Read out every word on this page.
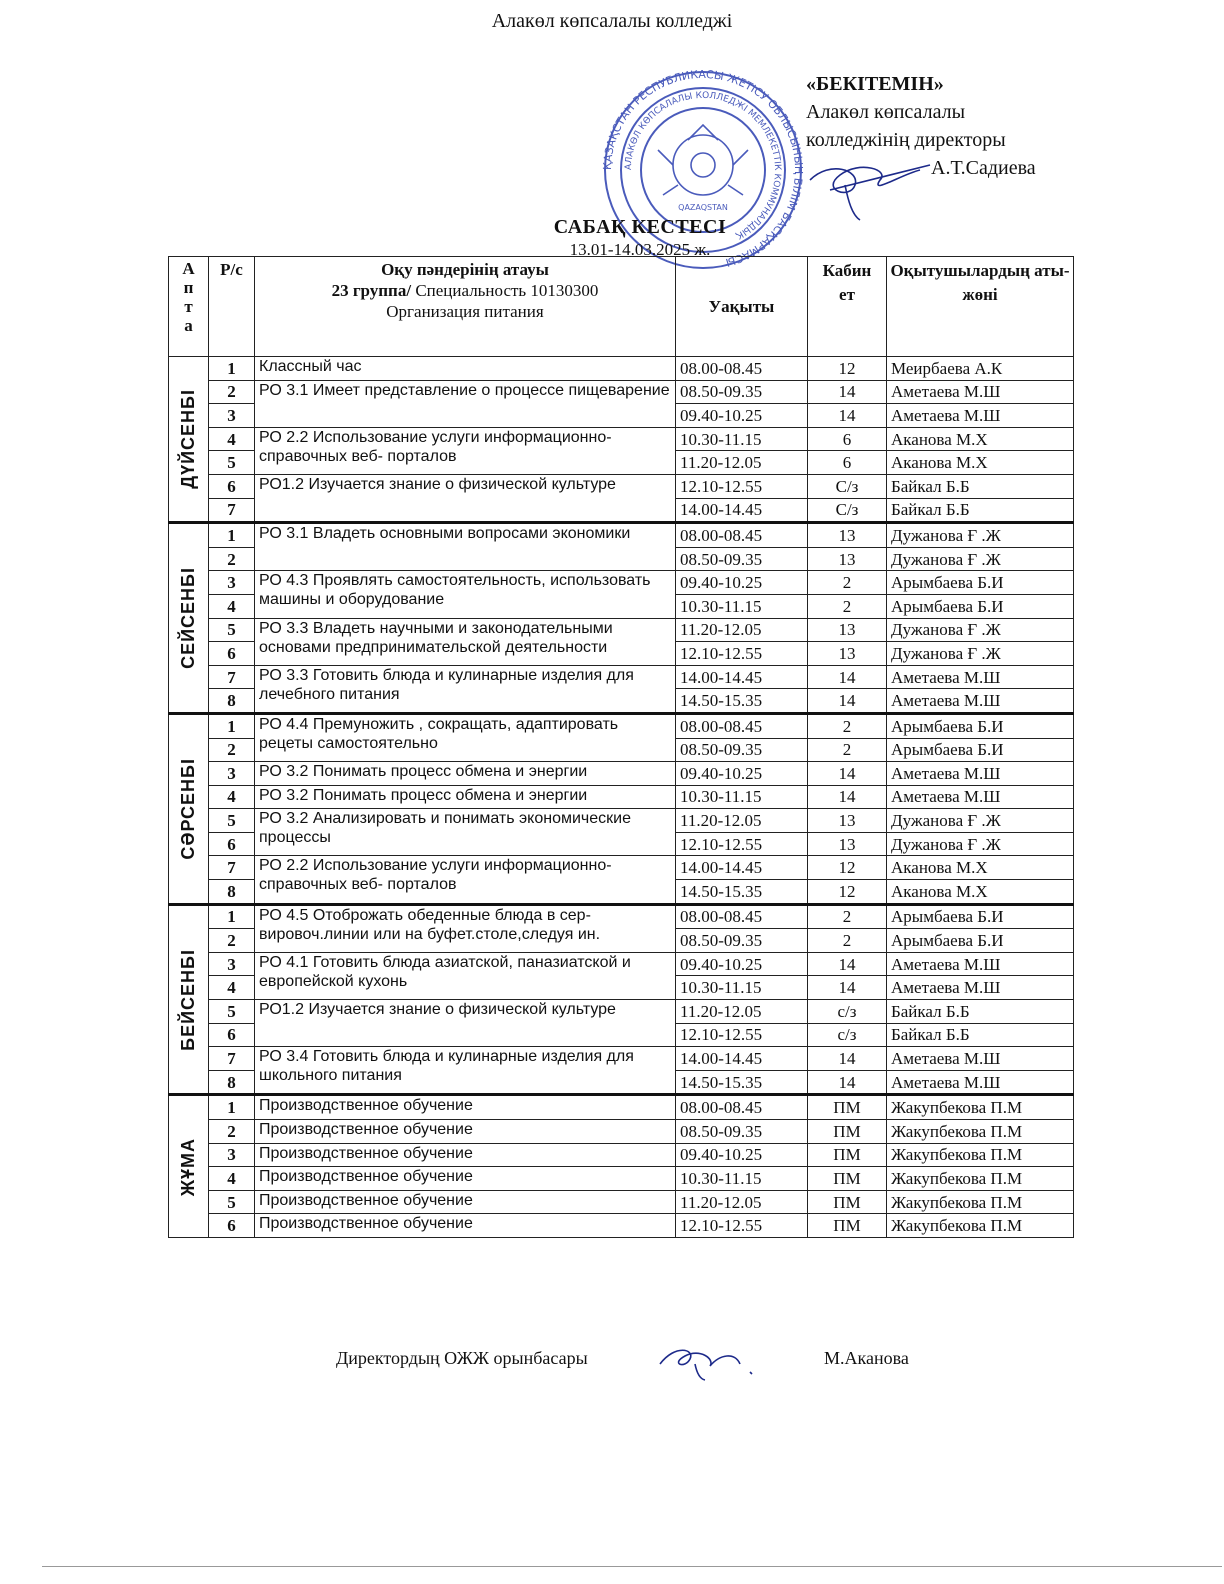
Алакөл көпсалалы колледжі
«БЕКІТЕМІН»
Алакөл көпсалалы
колледжінің директоры
А.Т.Садиева
ҚАЗАҚСТАН РЕСПУБЛИКАСЫ ЖЕТІСУ ОБЛЫСЫНЫҢ БІЛІМ БАСҚАРМАСЫ
АЛАКӨЛ КӨПСАЛАЛЫ КОЛЛЕДЖІ МЕМЛЕКЕТТІК КОММУНАЛДЫҚ
QAZAQSTAN
САБАҚ КЕСТЕСІ
13.01-14.03.2025 ж.
Апта	Р/с	Оқу пәндерінің атауы
23 группа/ Специальность 10130300
Организация питания	Уақыты	Кабинет	Оқытушылардың аты-жөні

ДҮЙСЕНБІ	1	Классный час	08.00-08.45	12	Меирбаева А.К
	2	РО 3.1 Имеет представление о процессе пищеварение	08.50-09.35	14	Аметаева М.Ш
	3		09.40-10.25	14	Аметаева М.Ш
	4	РО 2.2 Использование услуги информационно-справочных веб- порталов	10.30-11.15	6	Аканова М.Х
	5		11.20-12.05	6	Аканова М.Х
	6	РО1.2 Изучается знание о физической культуре	12.10-12.55	С/з	Байкал Б.Б
	7		14.00-14.45	С/з	Байкал Б.Б

СЕЙСЕНБІ	1	РО 3.1 Владеть основными вопросами экономики	08.00-08.45	13	Дужанова Ғ .Ж
	2		08.50-09.35	13	Дужанова Ғ .Ж
	3	РО 4.3 Проявлять самостоятельность, использовать машины и оборудование	09.40-10.25	2	Арымбаева Б.И
	4		10.30-11.15	2	Арымбаева Б.И
	5	РО 3.3 Владеть научными и законодательными основами предпринимательской деятельности	11.20-12.05	13	Дужанова Ғ .Ж
	6		12.10-12.55	13	Дужанова Ғ .Ж
	7	РО 3.3 Готовить блюда и кулинарные изделия для лечебного питания	14.00-14.45	14	Аметаева М.Ш
	8		14.50-15.35	14	Аметаева М.Ш

СӘРСЕНБІ	1	РО 4.4 Премуножить , сокращать, адаптировать рецеты самостоятельно	08.00-08.45	2	Арымбаева Б.И
	2		08.50-09.35	2	Арымбаева Б.И
	3	РО 3.2 Понимать процесс обмена и энергии	09.40-10.25	14	Аметаева М.Ш
	4	РО 3.2 Понимать процесс обмена и энергии	10.30-11.15	14	Аметаева М.Ш
	5	РО 3.2 Анализировать и понимать экономические процессы	11.20-12.05	13	Дужанова Ғ .Ж
	6		12.10-12.55	13	Дужанова Ғ .Ж
	7	РО 2.2 Использование услуги информационно-справочных веб- порталов	14.00-14.45	12	Аканова М.Х
	8		14.50-15.35	12	Аканова М.Х

БЕЙСЕНБІ	1	РО 4.5 Отоброжать обеденные блюда в сер-вировоч.линии или на буфет.столе,следуя ин.	08.00-08.45	2	Арымбаева Б.И
	2		08.50-09.35	2	Арымбаева Б.И
	3	РО 4.1 Готовить блюда азиатской, паназиатской и европейской кухонь	09.40-10.25	14	Аметаева М.Ш
	4		10.30-11.15	14	Аметаева М.Ш
	5	РО1.2 Изучается знание о физической культуре	11.20-12.05	с/з	Байкал Б.Б
	6		12.10-12.55	с/з	Байкал Б.Б
	7	РО 3.4 Готовить блюда и кулинарные изделия для школьного питания	14.00-14.45	14	Аметаева М.Ш
	8		14.50-15.35	14	Аметаева М.Ш

ЖҰМА	1	Производственное обучение	08.00-08.45	ПМ	Жакупбекова П.М
	2	Производственное обучение	08.50-09.35	ПМ	Жакупбекова П.М
	3	Производственное обучение	09.40-10.25	ПМ	Жакупбекова П.М
	4	Производственное обучение	10.30-11.15	ПМ	Жакупбекова П.М
	5	Производственное обучение	11.20-12.05	ПМ	Жакупбекова П.М
	6	Производственное обучение	12.10-12.55	ПМ	Жакупбекова П.М
Директордың ОЖЖ орынбасары	М.Аканова
